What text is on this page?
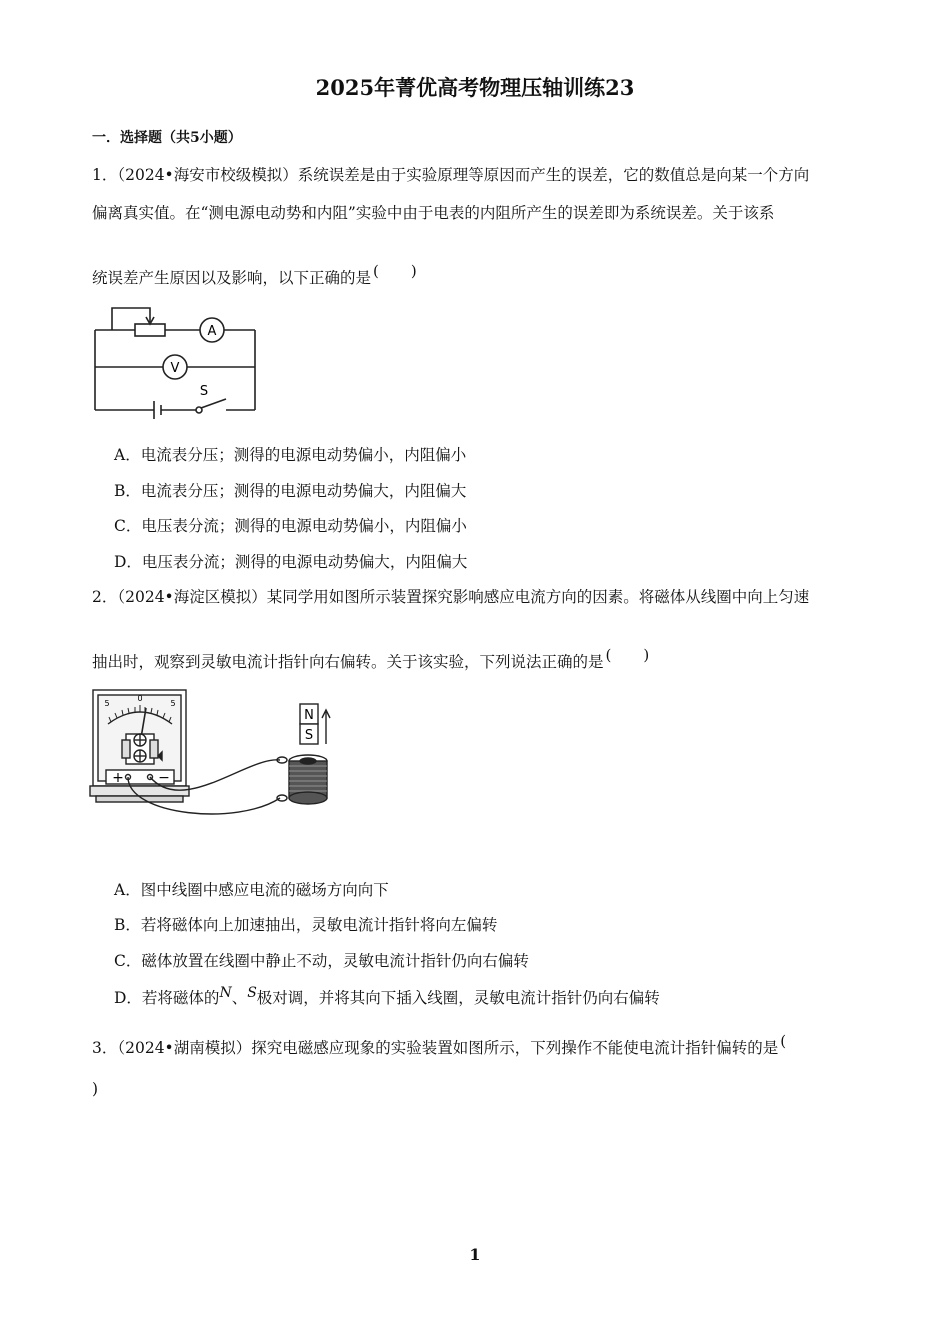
2025年菁优高考物理压轴训练23
一．选择题（共5小题）
1．（2024•海安市校级模拟）系统误差是由于实验原理等原因而产生的误差，它的数值总是向某一个方向
偏离真实值。在“测电源电动势和内阻”实验中由于电表的内阻所产生的误差即为系统误差。关于该系
统误差产生原因以及影响，以下正确的是 ( )
A
V
S
A．电流表分压；测得的电源电动势偏小，内阻偏小
B．电流表分压；测得的电源电动势偏大，内阻偏大
C．电压表分流；测得的电源电动势偏小，内阻偏小
D．电压表分流；测得的电源电动势偏大，内阻偏大
2．（2024•海淀区模拟）某同学用如图所示装置探究影响感应电流方向的因素。将磁体从线圈中向上匀速
抽出时，观察到灵敏电流计指针向右偏转。关于该实验，下列说法正确的是 ( )
5
0
5
+ −
N
S
A．图中线圈中感应电流的磁场方向向下
B．若将磁体向上加速抽出，灵敏电流计指针将向左偏转
C．磁体放置在线圈中静止不动，灵敏电流计指针仍向右偏转
D．若将磁体的N、S极对调，并将其向下插入线圈，灵敏电流计指针仍向右偏转
3．（2024•湖南模拟）探究电磁感应现象的实验装置如图所示，下列操作不能使电流计指针偏转的是 (
)
1
